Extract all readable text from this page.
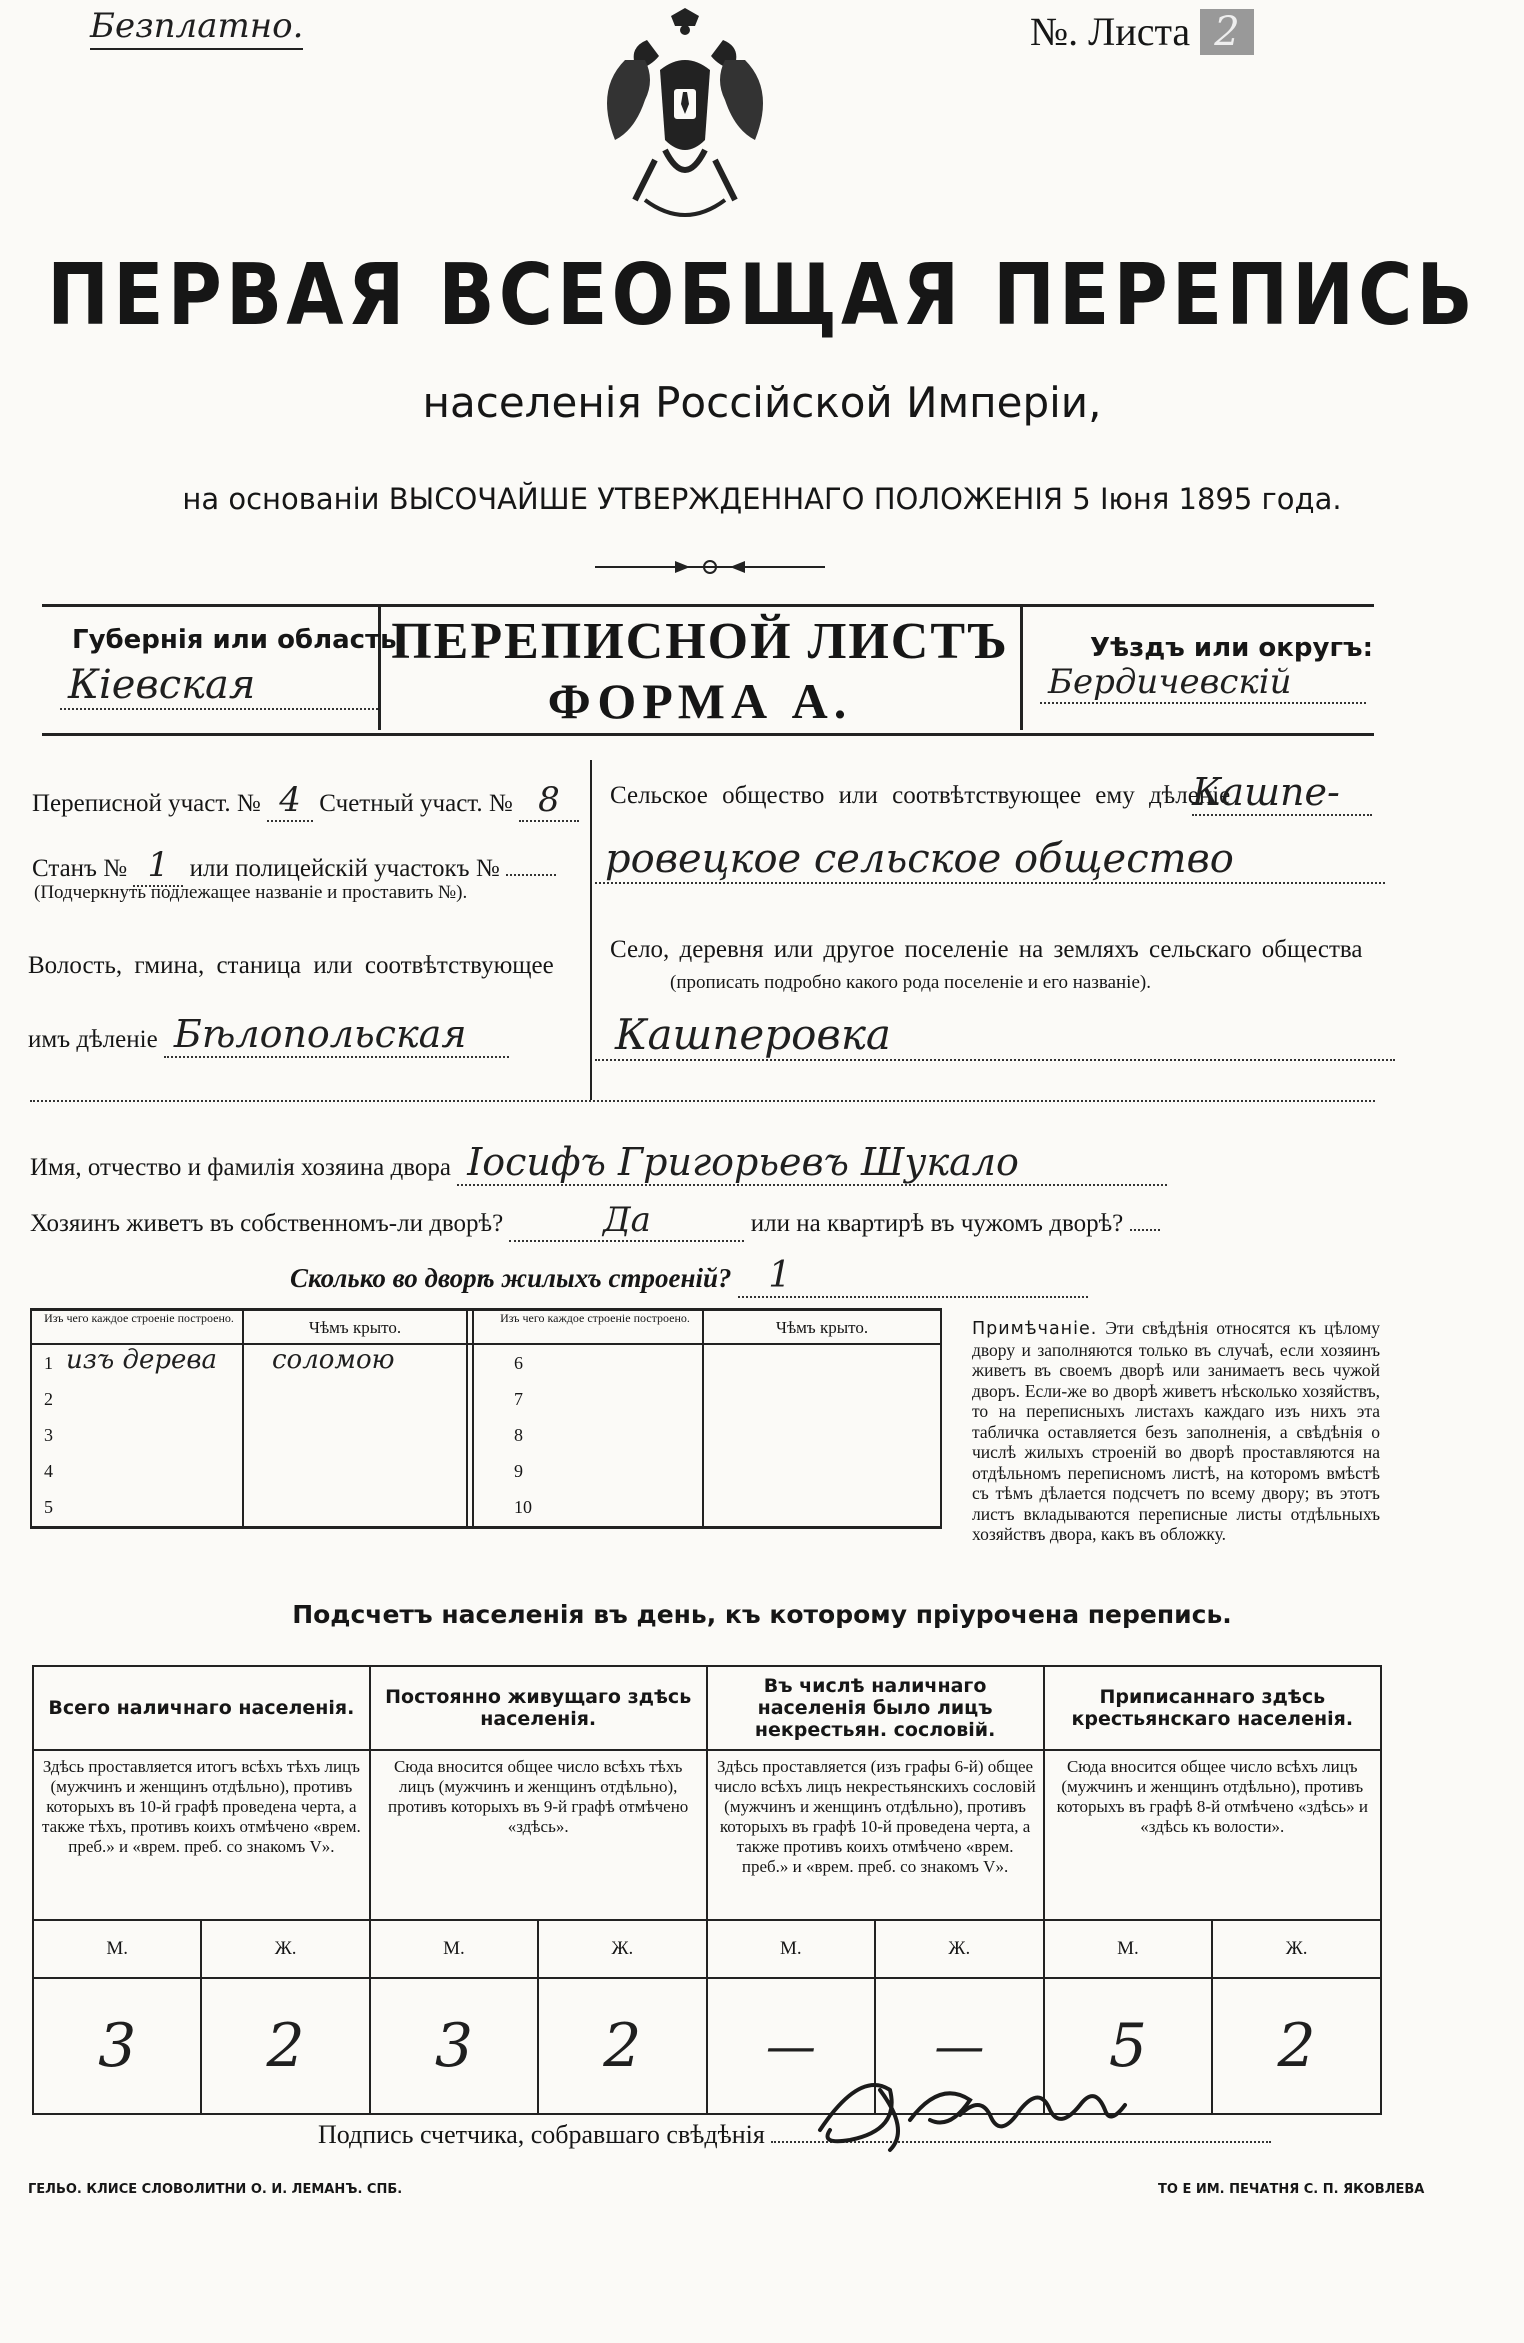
Безплатно.	№. Листа 2
ПЕРВАЯ ВСЕОБЩАЯ ПЕРЕПИСЬ
населенія Россійской Имперіи,
на основаніи ВЫСОЧАЙШЕ УТВЕРЖДЕННАГО ПОЛОЖЕНІЯ 5 Іюня 1895 года.
Губернія или область:
Кіевская
ПЕРЕПИСНОЙ ЛИСТЪ
ФОРМА А.
Уѣздъ или округъ:
Бердичевскій
Переписной участ. № 4 Счетный участ. № 8
Станъ № 1 или полицейскій участокъ №
(Подчеркнуть подлежащее названіе и проставить №).
Волость, гмина, станица или соотвѣтствующее
имъ дѣленіе Бѣлопольская
Сельское общество или соотвѣтствующее ему дѣленіе
Кашпе-
ровецкое сельское общество
Село, деревня или другое поселеніе на земляхъ сельскаго общества
(прописать подробно какого рода поселеніе и его названіе).
Кашперовка
Имя, отчество и фамилія хозяина двора Іосифъ Григорьевъ Шукало
Хозяинъ живетъ въ собственномъ-ли дворѣ?	Да	или на квартирѣ въ чужомъ дворѣ?
Сколько во дворѣ жилыхъ строеній? 1
Изъ чего каждое строеніе построено.	Чѣмъ крыто.	Изъ чего каждое строеніе построено.	Чѣмъ крыто.
1 изъ дерева соломою	6
2	7
3	8
4	9
5	10
Примѣчаніе. Эти свѣдѣнія относятся къ цѣлому двору и заполняются только въ случаѣ, если хозяинъ живетъ въ своемъ дворѣ или занимаетъ весь чужой дворъ. Если-же во дворѣ живетъ нѣсколько хозяйствъ, то на переписныхъ листахъ каждаго изъ нихъ эта табличка оставляется безъ заполненія, а свѣдѣнія о числѣ жилыхъ строеній во дворѣ проставляются на отдѣльномъ переписномъ листѣ, на которомъ вмѣстѣ съ тѣмъ дѣлается подсчетъ по всему двору; въ этотъ листъ вкладываются переписные листы отдѣльныхъ хозяйствъ двора, какъ въ обложку.
Подсчетъ населенія въ день, къ которому пріурочена перепись.
Всего наличнаго населенія.		Постоянно живущаго здѣсь населенія.		Въ числѣ наличнаго населенія было лицъ некрестьян. сословій.		Приписаннаго здѣсь крестьянскаго населенія.	
Здѣсь проставляется итогъ всѣхъ тѣхъ лицъ (мужчинъ и женщинъ отдѣльно), противъ которыхъ въ 10-й графѣ проведена черта, а также тѣхъ, противъ коихъ отмѣчено «врем. преб.» и «врем. преб. со знакомъ V».		Сюда вносится общее число всѣхъ тѣхъ лицъ (мужчинъ и женщинъ отдѣльно), противъ которыхъ въ 9-й графѣ отмѣчено «здѣсь».		Здѣсь проставляется (изъ графы 6-й) общее число всѣхъ лицъ некрестьянскихъ сословій (мужчинъ и женщинъ отдѣльно), противъ которыхъ въ графѣ 10-й проведена черта, а также противъ коихъ отмѣчено «врем. преб.» и «врем. преб. со знакомъ V».		Сюда вносится общее число всѣхъ лицъ (мужчинъ и женщинъ отдѣльно), противъ которыхъ въ графѣ 8-й отмѣчено «здѣсь» и «здѣсь къ волости».	
М.	Ж.	М.	Ж.	М.	Ж.	М.	Ж.
3	2	3	2	—	—	5	2
Подпись счетчика, собравшаго свѣдѣнія
ГЕЛЬО. КЛИСЕ СЛОВОЛИТНИ О. И. ЛЕМАНЪ. СПБ.	ТО Е ИМ. ПЕЧАТНЯ С. П. ЯКОВЛЕВА
